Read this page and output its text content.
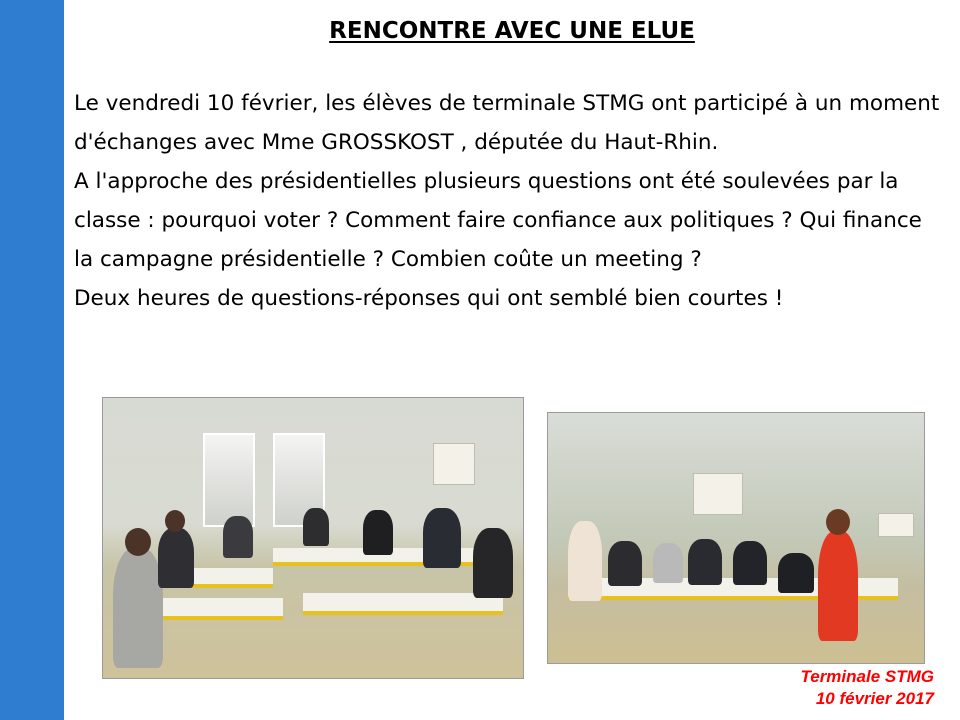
RENCONTRE AVEC UNE ELUE

Le vendredi 10 février, les élèves de terminale STMG ont participé à un moment d'échanges avec Mme GROSSKOST , députée du Haut-Rhin.

A l'approche des présidentielles plusieurs questions ont été soulevées par la classe : pourquoi voter ? Comment faire confiance aux politiques ? Qui finance la campagne présidentielle ? Combien coûte un meeting ?

Deux heures de questions-réponses qui ont semblé bien courtes !

Terminale STMG
10 février 2017
